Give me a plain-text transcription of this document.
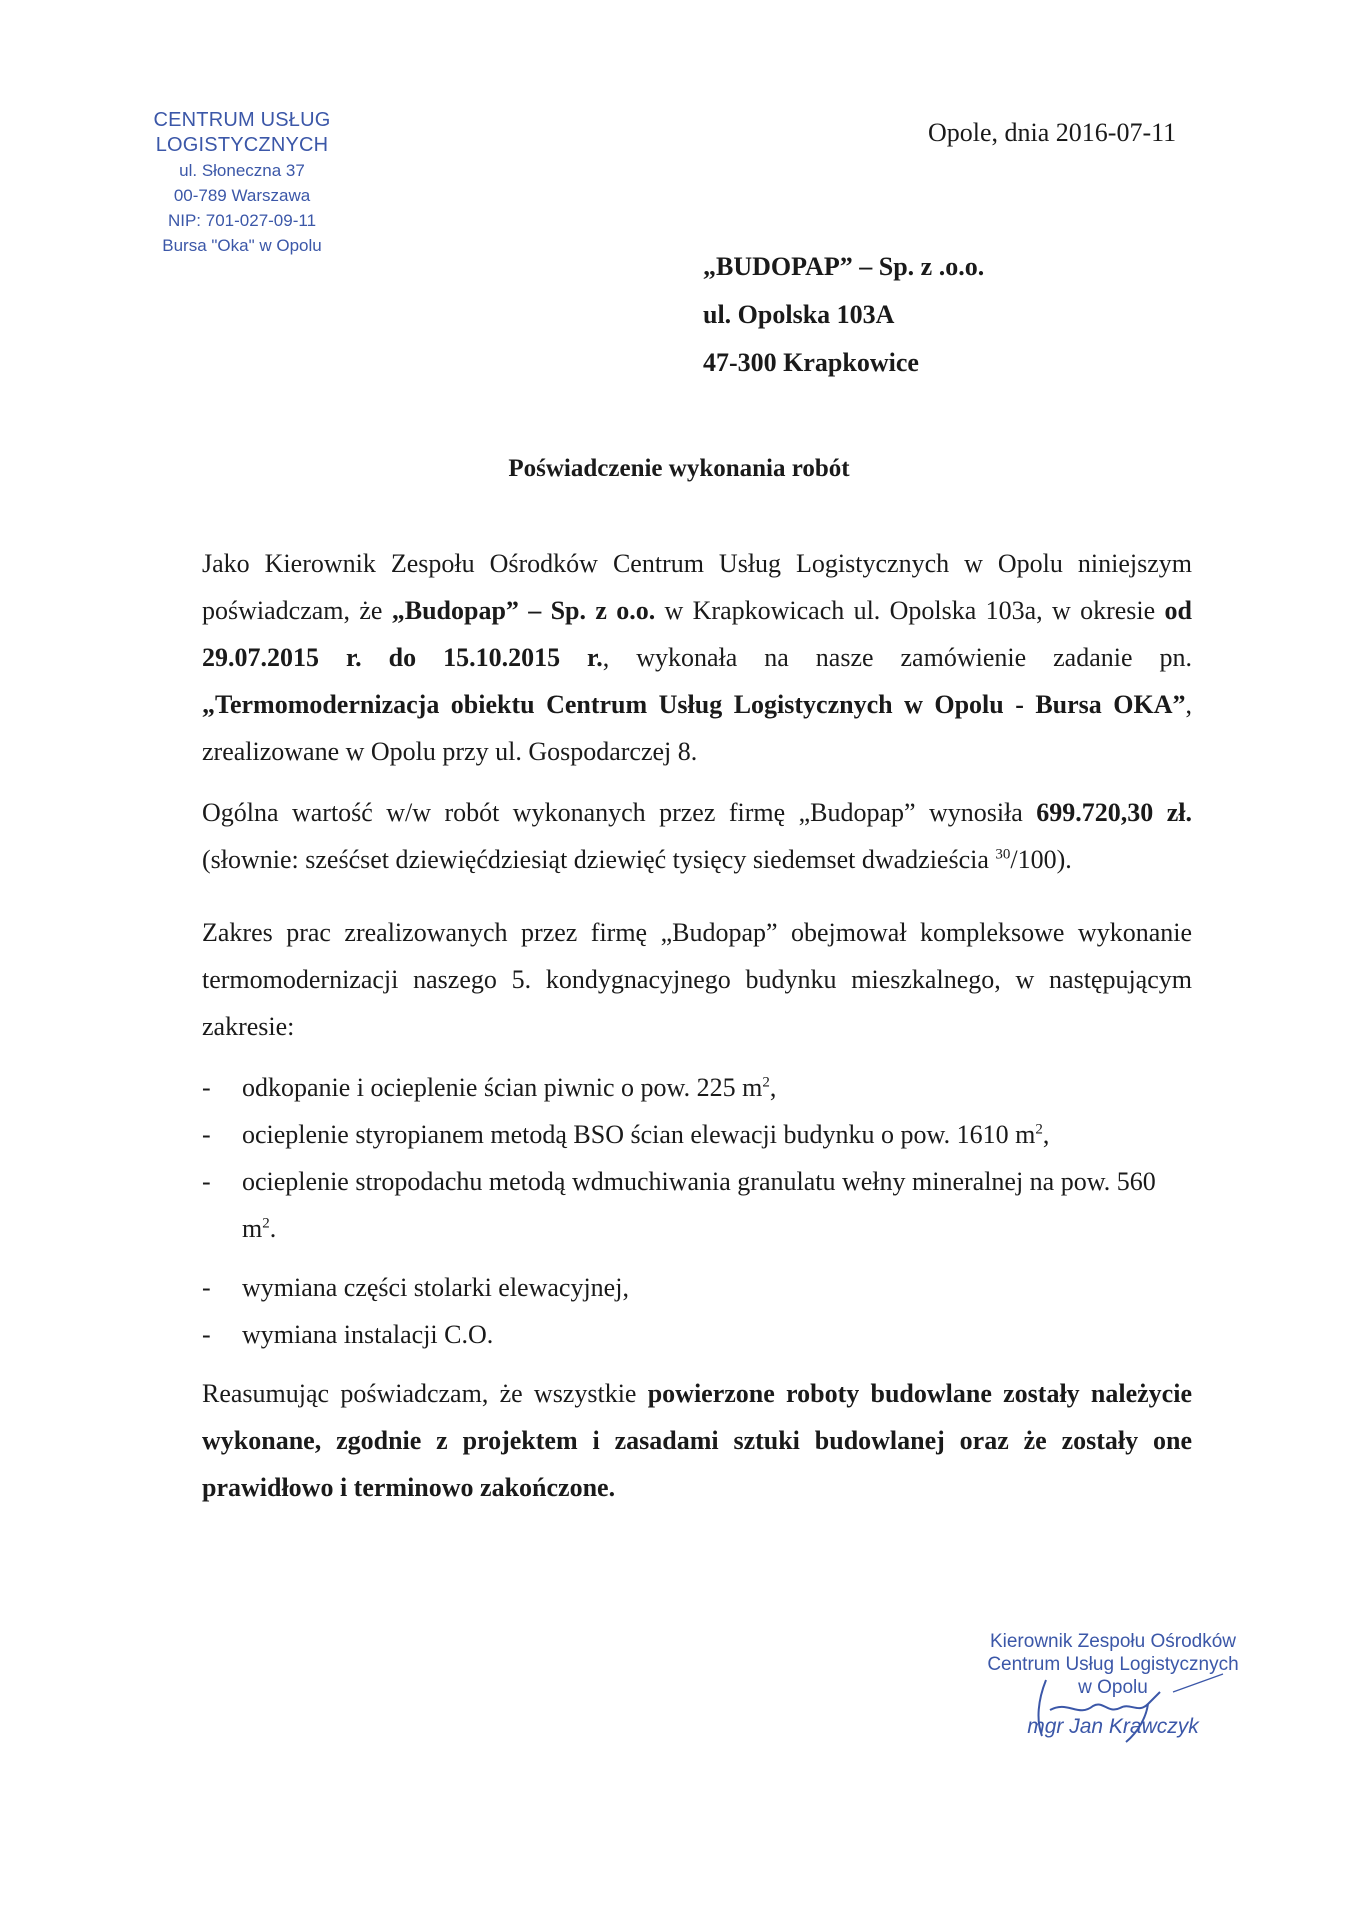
CENTRUM USŁUG LOGISTYCZNYCH
ul. Słoneczna 37
00-789 Warszawa
NIP: 701-027-09-11
Bursa "Oka" w Opolu
Opole, dnia 2016-07-11
„BUDOPAP” – Sp. z .o.o.
ul. Opolska 103A
47-300 Krapkowice
Poświadczenie wykonania robót

Jako Kierownik Zespołu Ośrodków Centrum Usług Logistycznych w Opolu niniejszym poświadczam, że „Budopap” – Sp. z o.o. w Krapkowicach ul. Opolska 103a, w okresie od 29.07.2015 r. do 15.10.2015 r., wykonała na nasze zamówienie zadanie pn. „Termomodernizacja obiektu Centrum Usług Logistycznych w Opolu - Bursa OKA”, zrealizowane w Opolu przy ul. Gospodarczej 8.

Ogólna wartość w/w robót wykonanych przez firmę „Budopap” wynosiła 699.720,30 zł. (słownie: sześćset dziewięćdziesiąt dziewięć tysięcy siedemset dwadzieścia $^{30}$/100).

Zakres prac zrealizowanych przez firmę „Budopap” obejmował kompleksowe wykonanie termomodernizacji naszego 5. kondygnacyjnego budynku mieszkalnego, w następującym zakresie:

- odkopanie i ocieplenie ścian piwnic o pow. 225 $m^2$,
- ocieplenie styropianem metodą BSO ścian elewacji budynku o pow. 1610 $m^2$,
- ocieplenie stropodachu metodą wdmuchiwania granulatu wełny mineralnej na pow. 560 $m^2$.
- wymiana części stolarki elewacyjnej,
- wymiana instalacji C.O.

Reasumując poświadczam, że wszystkie powierzone roboty budowlane zostały należycie wykonane, zgodnie z projektem i zasadami sztuki budowlanej oraz że zostały one prawidłowo i terminowo zakończone.

Kierownik Zespołu Ośrodków
Centrum Usług Logistycznych
w Opolu
mgr Jan Krawczyk
